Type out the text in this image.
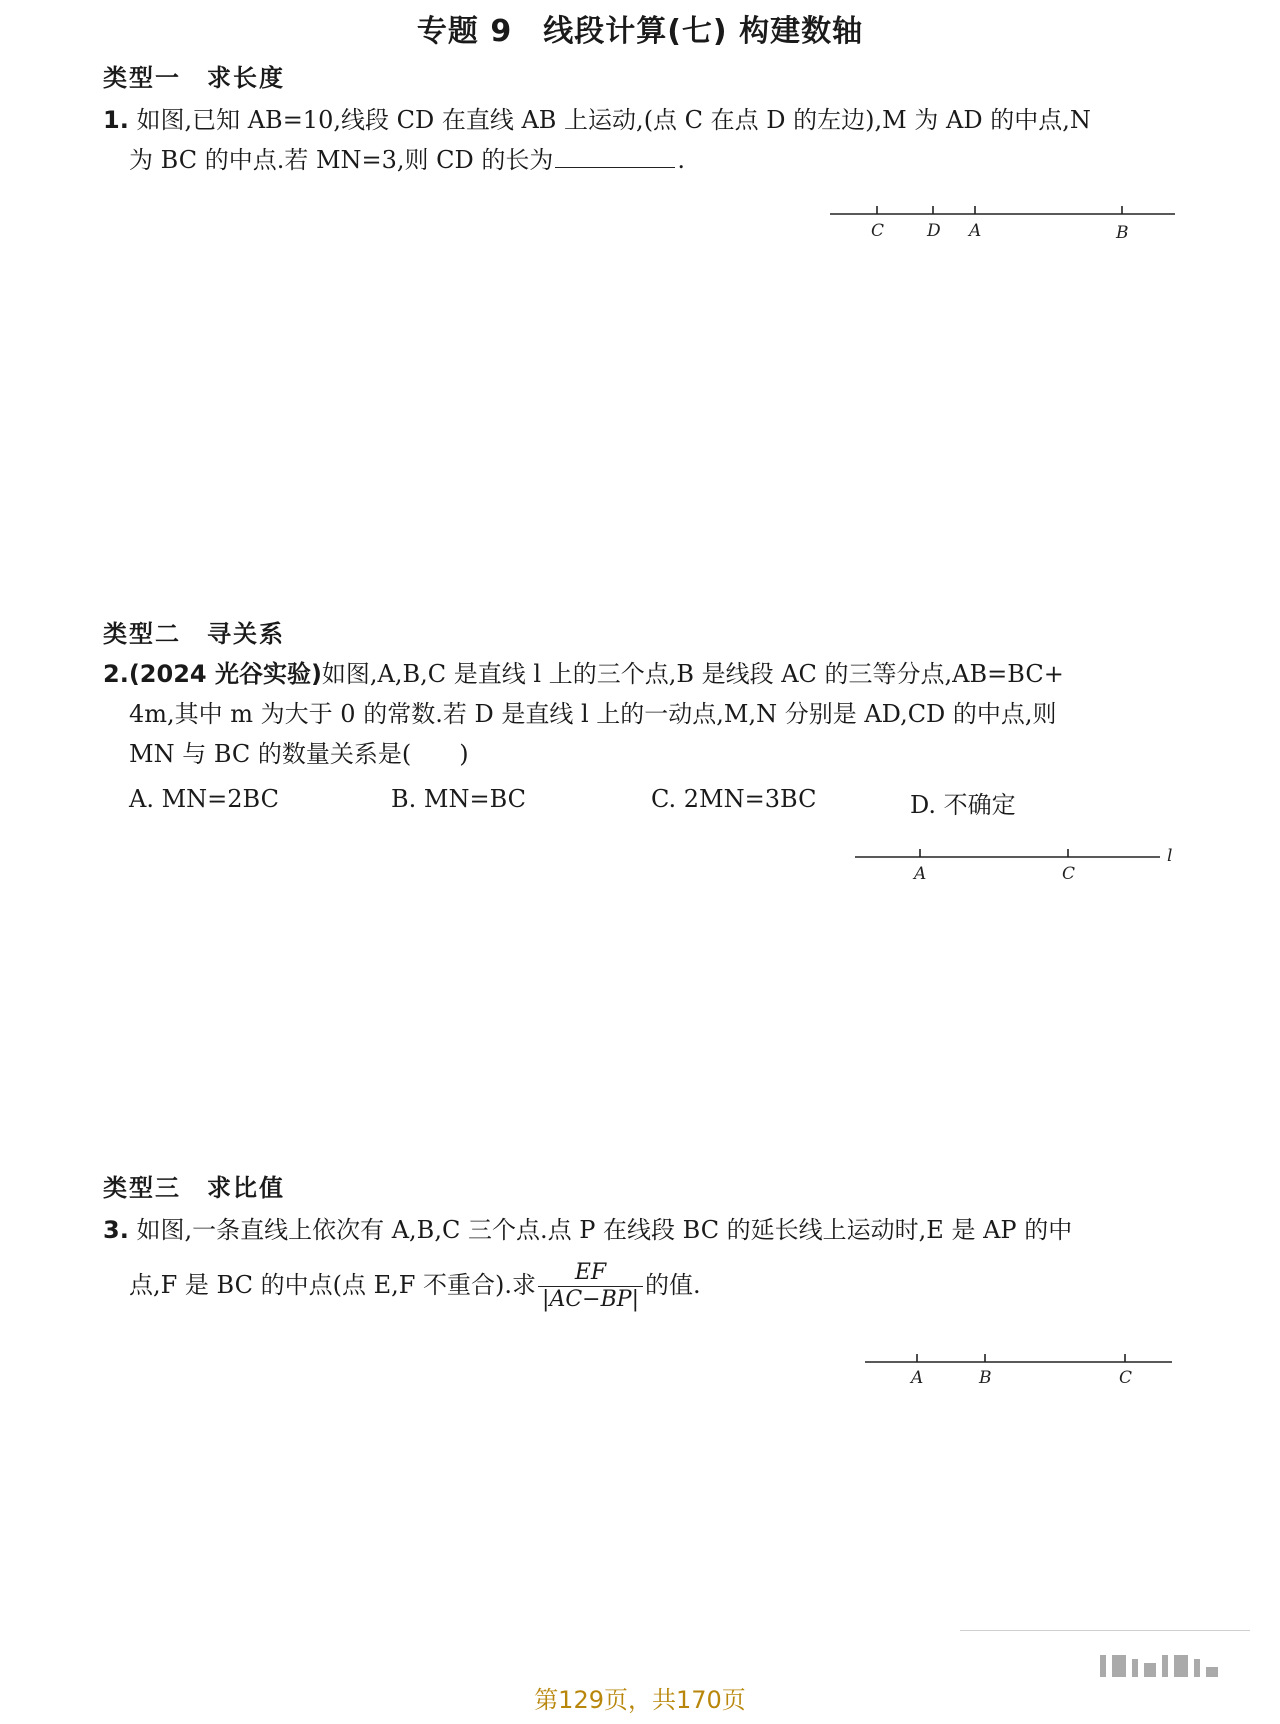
专题 9　线段计算(七) 构建数轴
类型一　求长度
1. 如图,已知 AB=10,线段 CD 在直线 AB 上运动,(点 C 在点 D 的左边),M 为 AD 的中点,N
为 BC 的中点.若 MN=3,则 CD 的长为	.
C	D A	B
类型二　寻关系
2.(2024 光谷实验)如图,A,B,C 是直线 l 上的三个点,B 是线段 AC 的三等分点,AB=BC+
4m,其中 m 为大于 0 的常数.若 D 是直线 l 上的一动点,M,N 分别是 AD,CD 的中点,则
MN 与 BC 的数量关系是(　　)
A. MN=2BC	B. MN=BC	C. 2MN=3BC	D. 不确定
A	C
l
类型三　求比值
3. 如图,一条直线上依次有 A,B,C 三个点.点 P 在线段 BC 的延长线上运动时,E 是 AP 的中
点,F 是 BC 的中点(点 E,F 不重合).求 $\frac{EF}{|AC-BP|}$ 的值.
A	B	C
第129页，共170页
